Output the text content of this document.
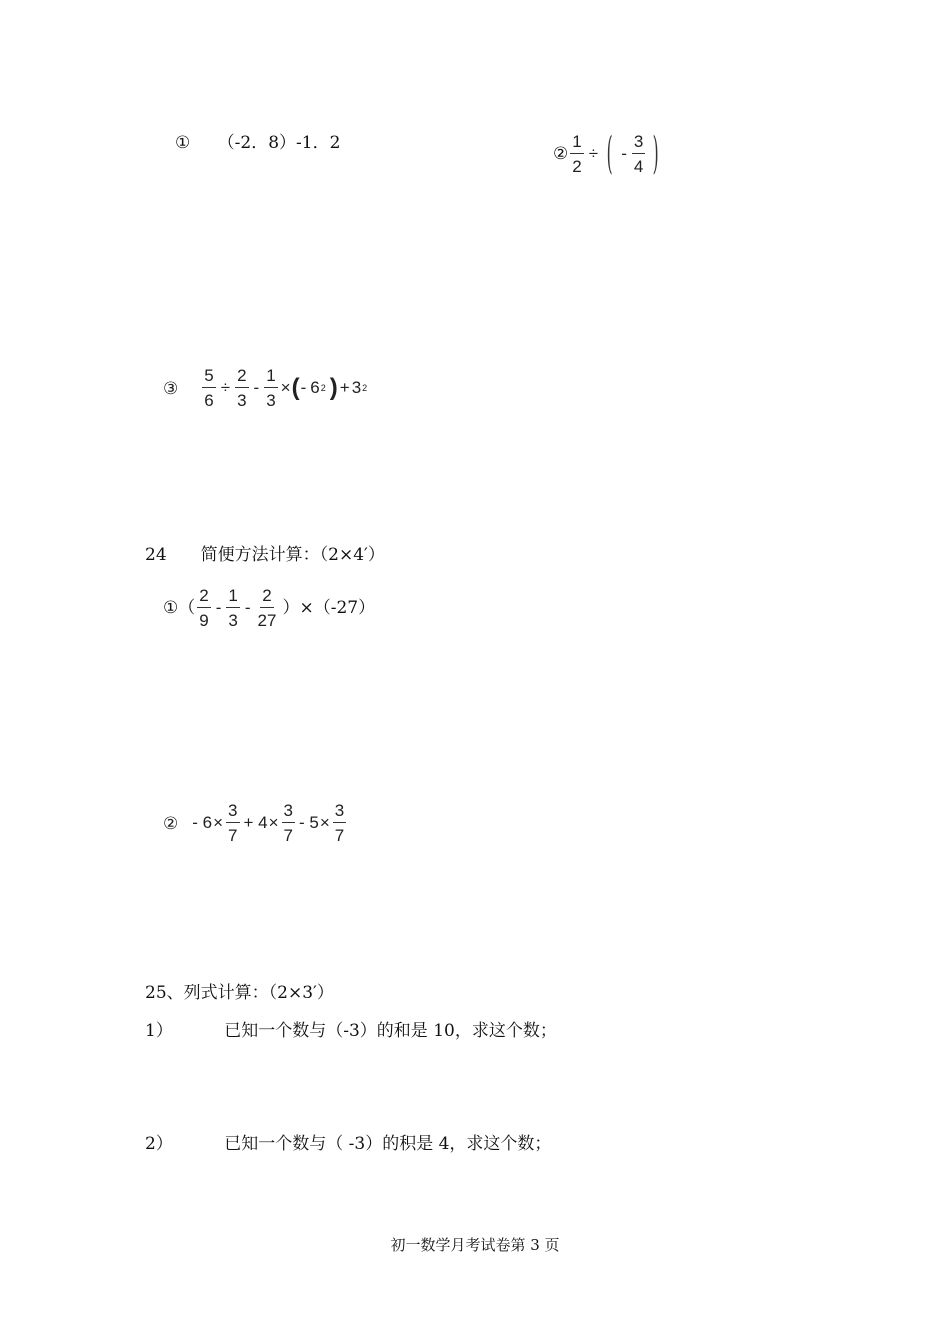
① （-2．8）-1．2
② $\frac{1}{2}$ ÷ ( - $\frac{3}{4}$ )
③ $\frac{5}{6} \div \frac{2}{3} - \frac{1}{3}$ × ( - 6 2 ) + 3 2
24　　简便方法计算：（2×4′）
①（ $\frac{2}{9} - \frac{1}{3} - \frac{2}{27} )\times(-27)$
② - $6 \times \frac{3}{7} + 4 \times \frac{3}{7} - 5 \times \frac{3}{7}$
25、列式计算：（2×3′）
1）	已知一个数与（-3）的和是 10，求这个数；
2）	已知一个数与（ -3）的积是 4，求这个数；
初一数学月考试卷第 3 页
